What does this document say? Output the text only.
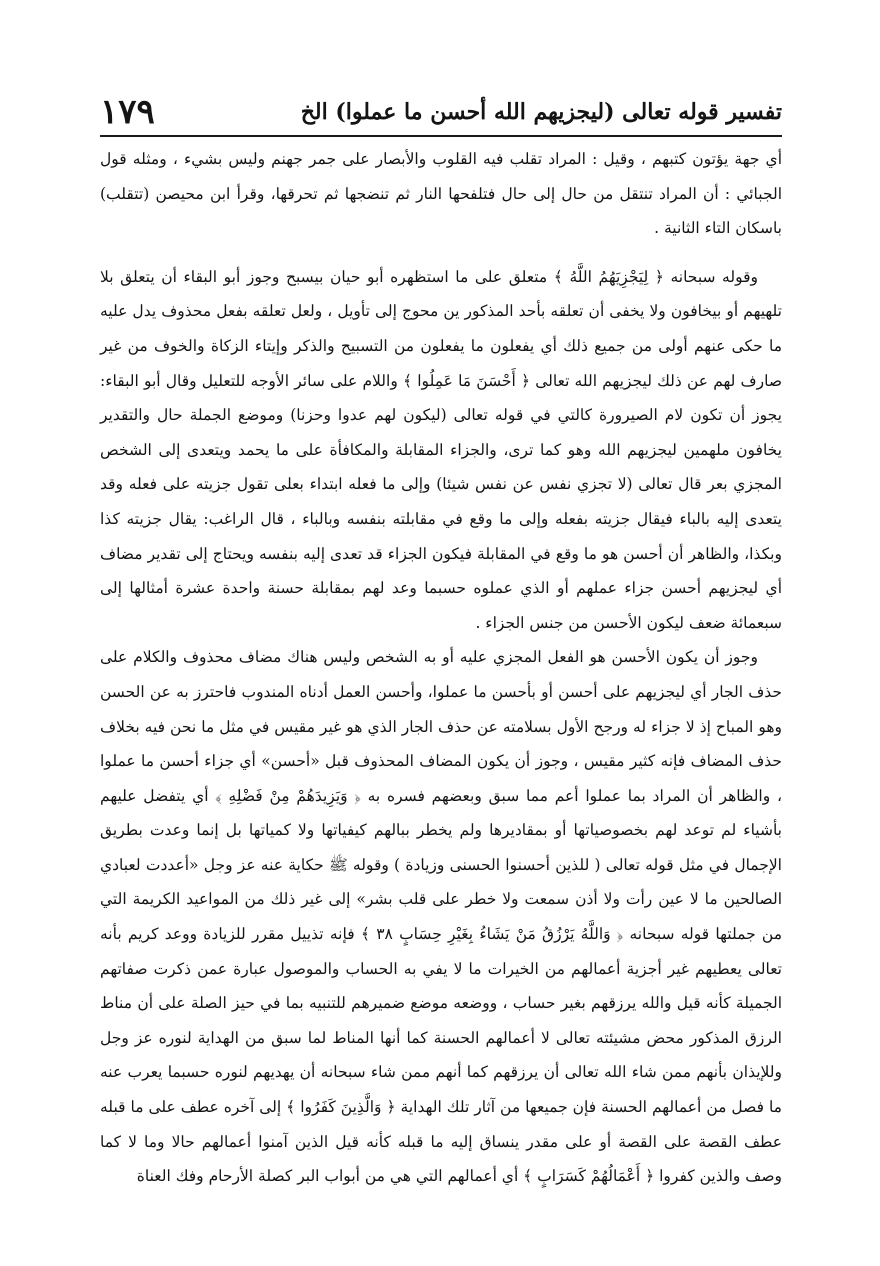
تفسير قوله تعالى (ليجزيهم الله أحسن ما عملوا) الخ
١٧٩

أي جهة يؤتون كتبهم ، وقيل : المراد تقلب فيه القلوب والأبصار على جمر جهنم وليس بشيء ، ومثله قول الجبائي : أن المراد تنتقل من حال إلى حال فتلفحها النار ثم تنضجها ثم تحرقها، وقرأ ابن محيصن (تتقلب) باسكان التاء الثانية .

وقوله سبحانه ﴿ لِيَجْزِيَهُمُ اللَّهُ ﴾ متعلق على ما استظهره أبو حيان بيسبح وجوز أبو البقاء أن يتعلق بلا تلهيهم أو بيخافون ولا يخفى أن تعلقه بأحد المذكور ين محوج إلى تأويل ، ولعل تعلقه بفعل محذوف يدل عليه ما حكى عنهم أولى من جميع ذلك أي يفعلون ما يفعلون من التسبيح والذكر وإيتاء الزكاة والخوف من غير صارف لهم عن ذلك ليجزيهم الله تعالى ﴿ أَحْسَنَ مَا عَمِلُوا ﴾ واللام على سائر الأوجه للتعليل وقال أبو البقاء: يجوز أن تكون لام الصيرورة كالتي في قوله تعالى (ليكون لهم عدوا وحزنا) وموضع الجملة حال والتقدير يخافون ملهمين ليجزيهم الله وهو كما ترى، والجزاء المقابلة والمكافأة على ما يحمد ويتعدى إلى الشخص المجزي بعر قال تعالى (لا تجزي نفس عن نفس شيئا) وإلى ما فعله ابتداء بعلى تقول جزيته على فعله وقد يتعدى إليه بالباء فيقال جزيته بفعله وإلى ما وقع في مقابلته بنفسه وبالباء ، قال الراغب: يقال جزيته كذا وبكذا، والظاهر أن أحسن هو ما وقع في المقابلة فيكون الجزاء قد تعدى إليه بنفسه ويحتاج إلى تقدير مضاف أي ليجزيهم أحسن جزاء عملهم أو الذي عملوه حسبما وعد لهم بمقابلة حسنة واحدة عشرة أمثالها إلى سبعمائة ضعف ليكون الأحسن من جنس الجزاء .

وجوز أن يكون الأحسن هو الفعل المجزي عليه أو به الشخص وليس هناك مضاف محذوف والكلام على حذف الجار أي ليجزيهم على أحسن أو بأحسن ما عملوا، وأحسن العمل أدناه المندوب فاحترز به عن الحسن وهو المباح إذ لا جزاء له ورجح الأول بسلامته عن حذف الجار الذي هو غير مقيس في مثل ما نحن فيه بخلاف حذف المضاف فإنه كثير مقيس ، وجوز أن يكون المضاف المحذوف قبل «أحسن» أي جزاء أحسن ما عملوا ، والظاهر أن المراد بما عملوا أعم مما سبق وبعضهم فسره به ﴿ وَيَزِيدَهُمْ مِنْ فَضْلِهِ ﴾ أي يتفضل عليهم بأشياء لم توعد لهم بخصوصياتها أو بمقاديرها ولم يخطر ببالهم كيفياتها ولا كمياتها بل إنما وعدت بطريق الإجمال في مثل قوله تعالى ( للذين أحسنوا الحسنى وزيادة ) وقوله ﷺ حكاية عنه عز وجل «أعددت لعبادي الصالحين ما لا عين رأت ولا أذن سمعت ولا خطر على قلب بشر» إلى غير ذلك من المواعيد الكريمة التي من جملتها قوله سبحانه ﴿ وَاللَّهُ يَرْزُقُ مَنْ يَشَاءُ بِغَيْرِ حِسَابٍ ٣٨ ﴾ فإنه تذييل مقرر للزيادة ووعد كريم بأنه تعالى يعطيهم غير أجزية أعمالهم من الخيرات ما لا يفي به الحساب والموصول عبارة عمن ذكرت صفاتهم الجميلة كأنه قيل والله يرزقهم بغير حساب ، ووضعه موضع ضميرهم للتنبيه بما في حيز الصلة على أن مناط الرزق المذكور محض مشيئته تعالى لا أعمالهم الحسنة كما أنها المناط لما سبق من الهداية لنوره عز وجل وللإيذان بأنهم ممن شاء الله تعالى أن يرزقهم كما أنهم ممن شاء سبحانه أن يهديهم لنوره حسبما يعرب عنه ما فصل من أعمالهم الحسنة فإن جميعها من آثار تلك الهداية ﴿ وَالَّذِينَ كَفَرُوا ﴾ إلى آخره عطف على ما قبله عطف القصة على القصة أو على مقدر ينساق إليه ما قبله كأنه قيل الذين آمنوا أعمالهم حالا وما لا كما وصف والذين كفروا ﴿ أَعْمَالُهُمْ كَسَرَابٍ ﴾ أي أعمالهم التي هي من أبواب البر كصلة الأرحام وفك العناة
